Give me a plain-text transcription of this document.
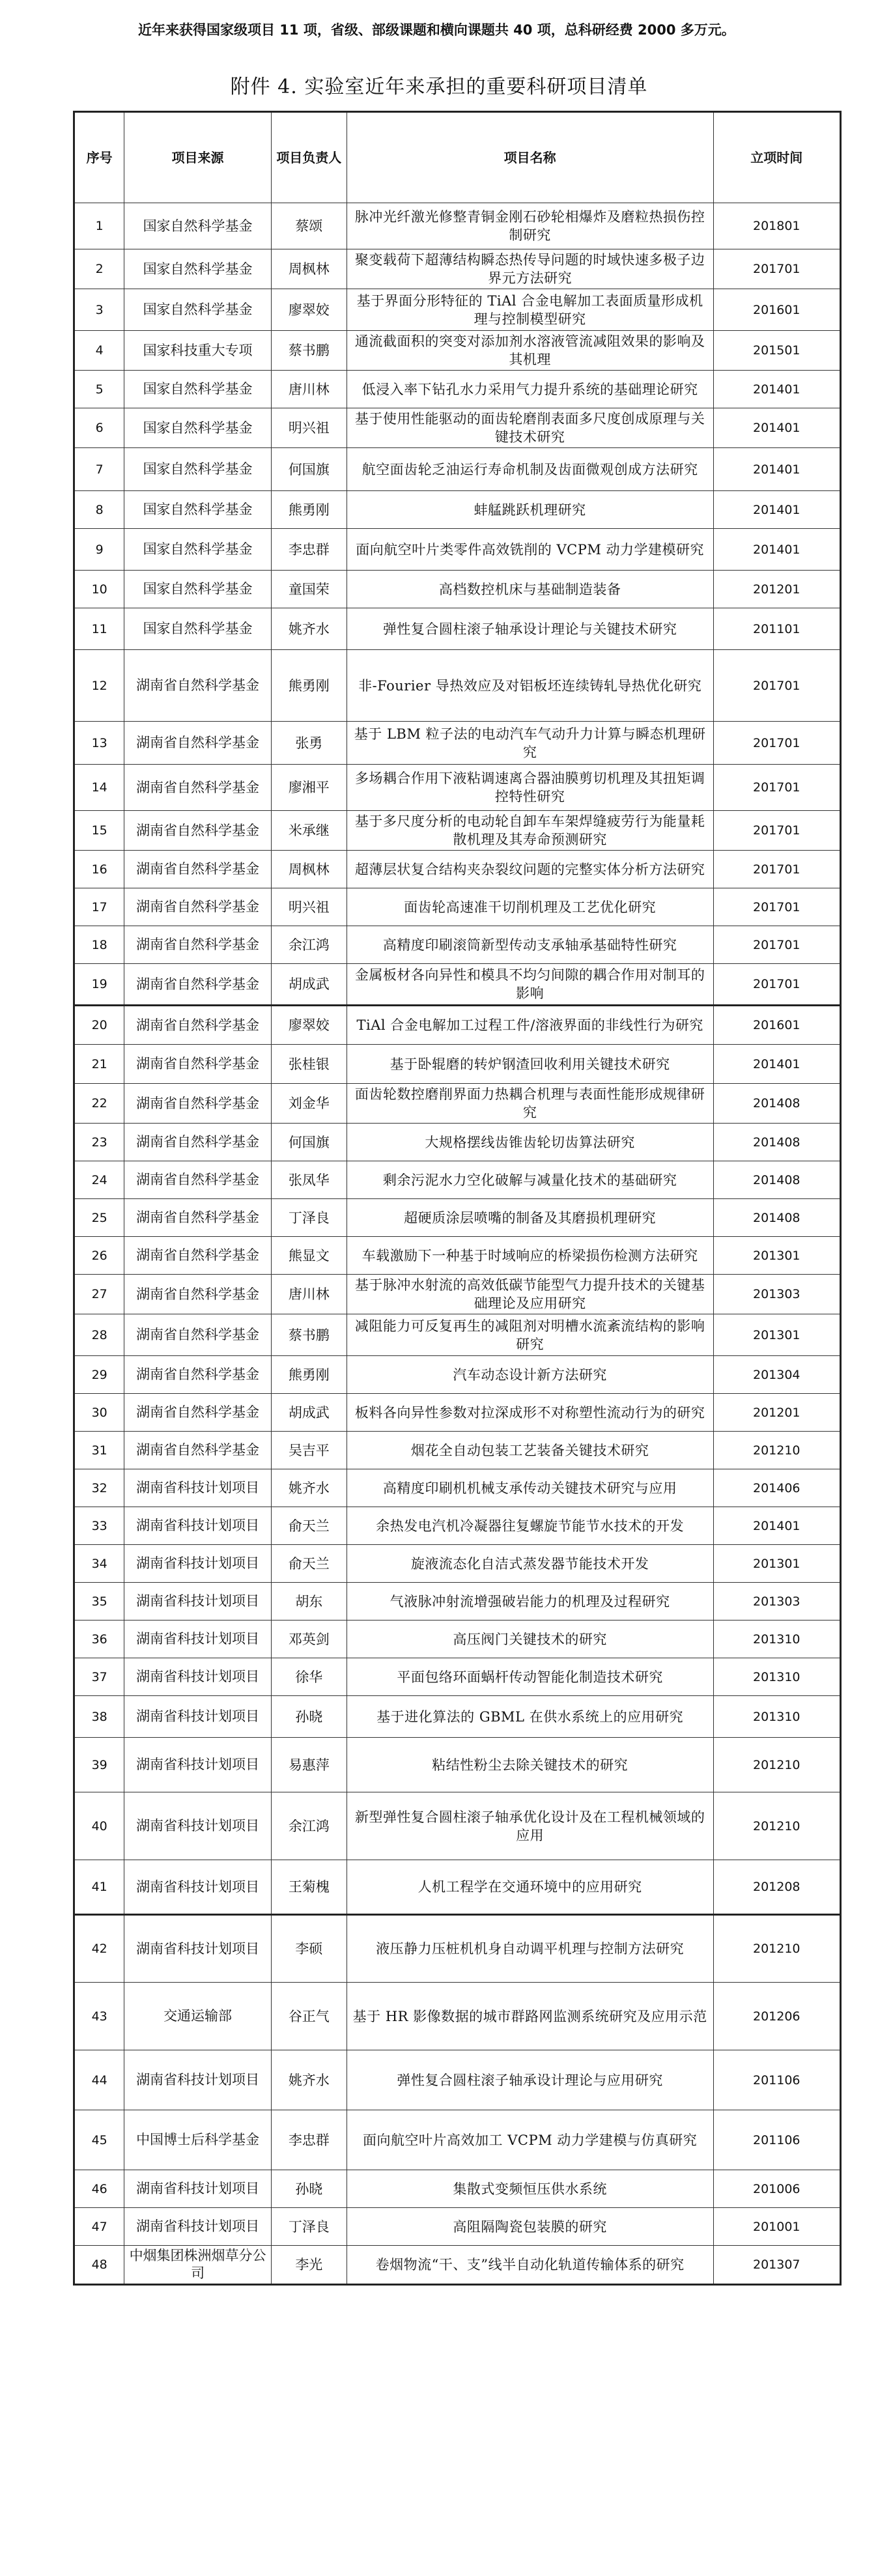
近年来获得国家级项目 11 项，省级、部级课题和横向课题共 40 项，总科研经费 2000 多万元。
附件 4. 实验室近年来承担的重要科研项目清单
序号	项目来源	项目负责人	项目名称	立项时间
1	国家自然科学基金	蔡颂	脉冲光纤激光修整青铜金刚石砂轮相爆炸及磨粒热损伤控制研究	201801
2	国家自然科学基金	周枫林	聚变载荷下超薄结构瞬态热传导问题的时域快速多极子边界元方法研究	201701
3	国家自然科学基金	廖翠姣	基于界面分形特征的 TiAl 合金电解加工表面质量形成机理与控制模型研究	201601
4	国家科技重大专项	蔡书鹏	通流截面积的突变对添加剂水溶液管流减阻效果的影响及其机理	201501
5	国家自然科学基金	唐川林	低浸入率下钻孔水力采用气力提升系统的基础理论研究	201401
6	国家自然科学基金	明兴祖	基于使用性能驱动的面齿轮磨削表面多尺度创成原理与关键技术研究	201401
7	国家自然科学基金	何国旗	航空面齿轮乏油运行寿命机制及齿面微观创成方法研究	201401
8	国家自然科学基金	熊勇刚	蚌艋跳跃机理研究	201401
9	国家自然科学基金	李忠群	面向航空叶片类零件高效铣削的 VCPM 动力学建模研究	201401
10	国家自然科学基金	童国荣	高档数控机床与基础制造装备	201201
11	国家自然科学基金	姚齐水	弹性复合圆柱滚子轴承设计理论与关键技术研究	201101
12	湖南省自然科学基金	熊勇刚	非-Fourier 导热效应及对铝板坯连续铸轧导热优化研究	201701
13	湖南省自然科学基金	张勇	基于 LBM 粒子法的电动汽车气动升力计算与瞬态机理研究	201701
14	湖南省自然科学基金	廖湘平	多场耦合作用下液粘调速离合器油膜剪切机理及其扭矩调控特性研究	201701
15	湖南省自然科学基金	米承继	基于多尺度分析的电动轮自卸车车架焊缝疲劳行为能量耗散机理及其寿命预测研究	201701
16	湖南省自然科学基金	周枫林	超薄层状复合结构夹杂裂纹问题的完整实体分析方法研究	201701
17	湖南省自然科学基金	明兴祖	面齿轮高速准干切削机理及工艺优化研究	201701
18	湖南省自然科学基金	余江鸿	高精度印刷滚筒新型传动支承轴承基础特性研究	201701
19	湖南省自然科学基金	胡成武	金属板材各向异性和模具不均匀间隙的耦合作用对制耳的影响	201701
20	湖南省自然科学基金	廖翠姣	TiAl 合金电解加工过程工件/溶液界面的非线性行为研究	201601
21	湖南省自然科学基金	张桂银	基于卧辊磨的转炉钢渣回收利用关键技术研究	201401
22	湖南省自然科学基金	刘金华	面齿轮数控磨削界面力热耦合机理与表面性能形成规律研究	201408
23	湖南省自然科学基金	何国旗	大规格摆线齿锥齿轮切齿算法研究	201408
24	湖南省自然科学基金	张凤华	剩余污泥水力空化破解与减量化技术的基础研究	201408
25	湖南省自然科学基金	丁泽良	超硬质涂层喷嘴的制备及其磨损机理研究	201408
26	湖南省自然科学基金	熊显文	车载激励下一种基于时域响应的桥梁损伤检测方法研究	201301
27	湖南省自然科学基金	唐川林	基于脉冲水射流的高效低碳节能型气力提升技术的关键基础理论及应用研究	201303
28	湖南省自然科学基金	蔡书鹏	减阻能力可反复再生的减阻剂对明槽水流紊流结构的影响研究	201301
29	湖南省自然科学基金	熊勇刚	汽车动态设计新方法研究	201304
30	湖南省自然科学基金	胡成武	板料各向异性参数对拉深成形不对称塑性流动行为的研究	201201
31	湖南省自然科学基金	吴吉平	烟花全自动包装工艺装备关键技术研究	201210
32	湖南省科技计划项目	姚齐水	高精度印刷机机械支承传动关键技术研究与应用	201406
33	湖南省科技计划项目	俞天兰	余热发电汽机冷凝器往复螺旋节能节水技术的开发	201401
34	湖南省科技计划项目	俞天兰	旋液流态化自洁式蒸发器节能技术开发	201301
35	湖南省科技计划项目	胡东	气液脉冲射流增强破岩能力的机理及过程研究	201303
36	湖南省科技计划项目	邓英剑	高压阀门关键技术的研究	201310
37	湖南省科技计划项目	徐华	平面包络环面蜗杆传动智能化制造技术研究	201310
38	湖南省科技计划项目	孙晓	基于进化算法的 GBML 在供水系统上的应用研究	201310
39	湖南省科技计划项目	易惠萍	粘结性粉尘去除关键技术的研究	201210
40	湖南省科技计划项目	余江鸿	新型弹性复合圆柱滚子轴承优化设计及在工程机械领域的应用	201210
41	湖南省科技计划项目	王菊槐	人机工程学在交通环境中的应用研究	201208
42	湖南省科技计划项目	李硕	液压静力压桩机机身自动调平机理与控制方法研究	201210
43	交通运输部	谷正气	基于 HR 影像数据的城市群路网监测系统研究及应用示范	201206
44	湖南省科技计划项目	姚齐水	弹性复合圆柱滚子轴承设计理论与应用研究	201106
45	中国博士后科学基金	李忠群	面向航空叶片高效加工 VCPM 动力学建模与仿真研究	201106
46	湖南省科技计划项目	孙晓	集散式变频恒压供水系统	201006
47	湖南省科技计划项目	丁泽良	高阻隔陶瓷包装膜的研究	201001
48	中烟集团株洲烟草分公司	李光	卷烟物流“干、支”线半自动化轨道传输体系的研究	201307
